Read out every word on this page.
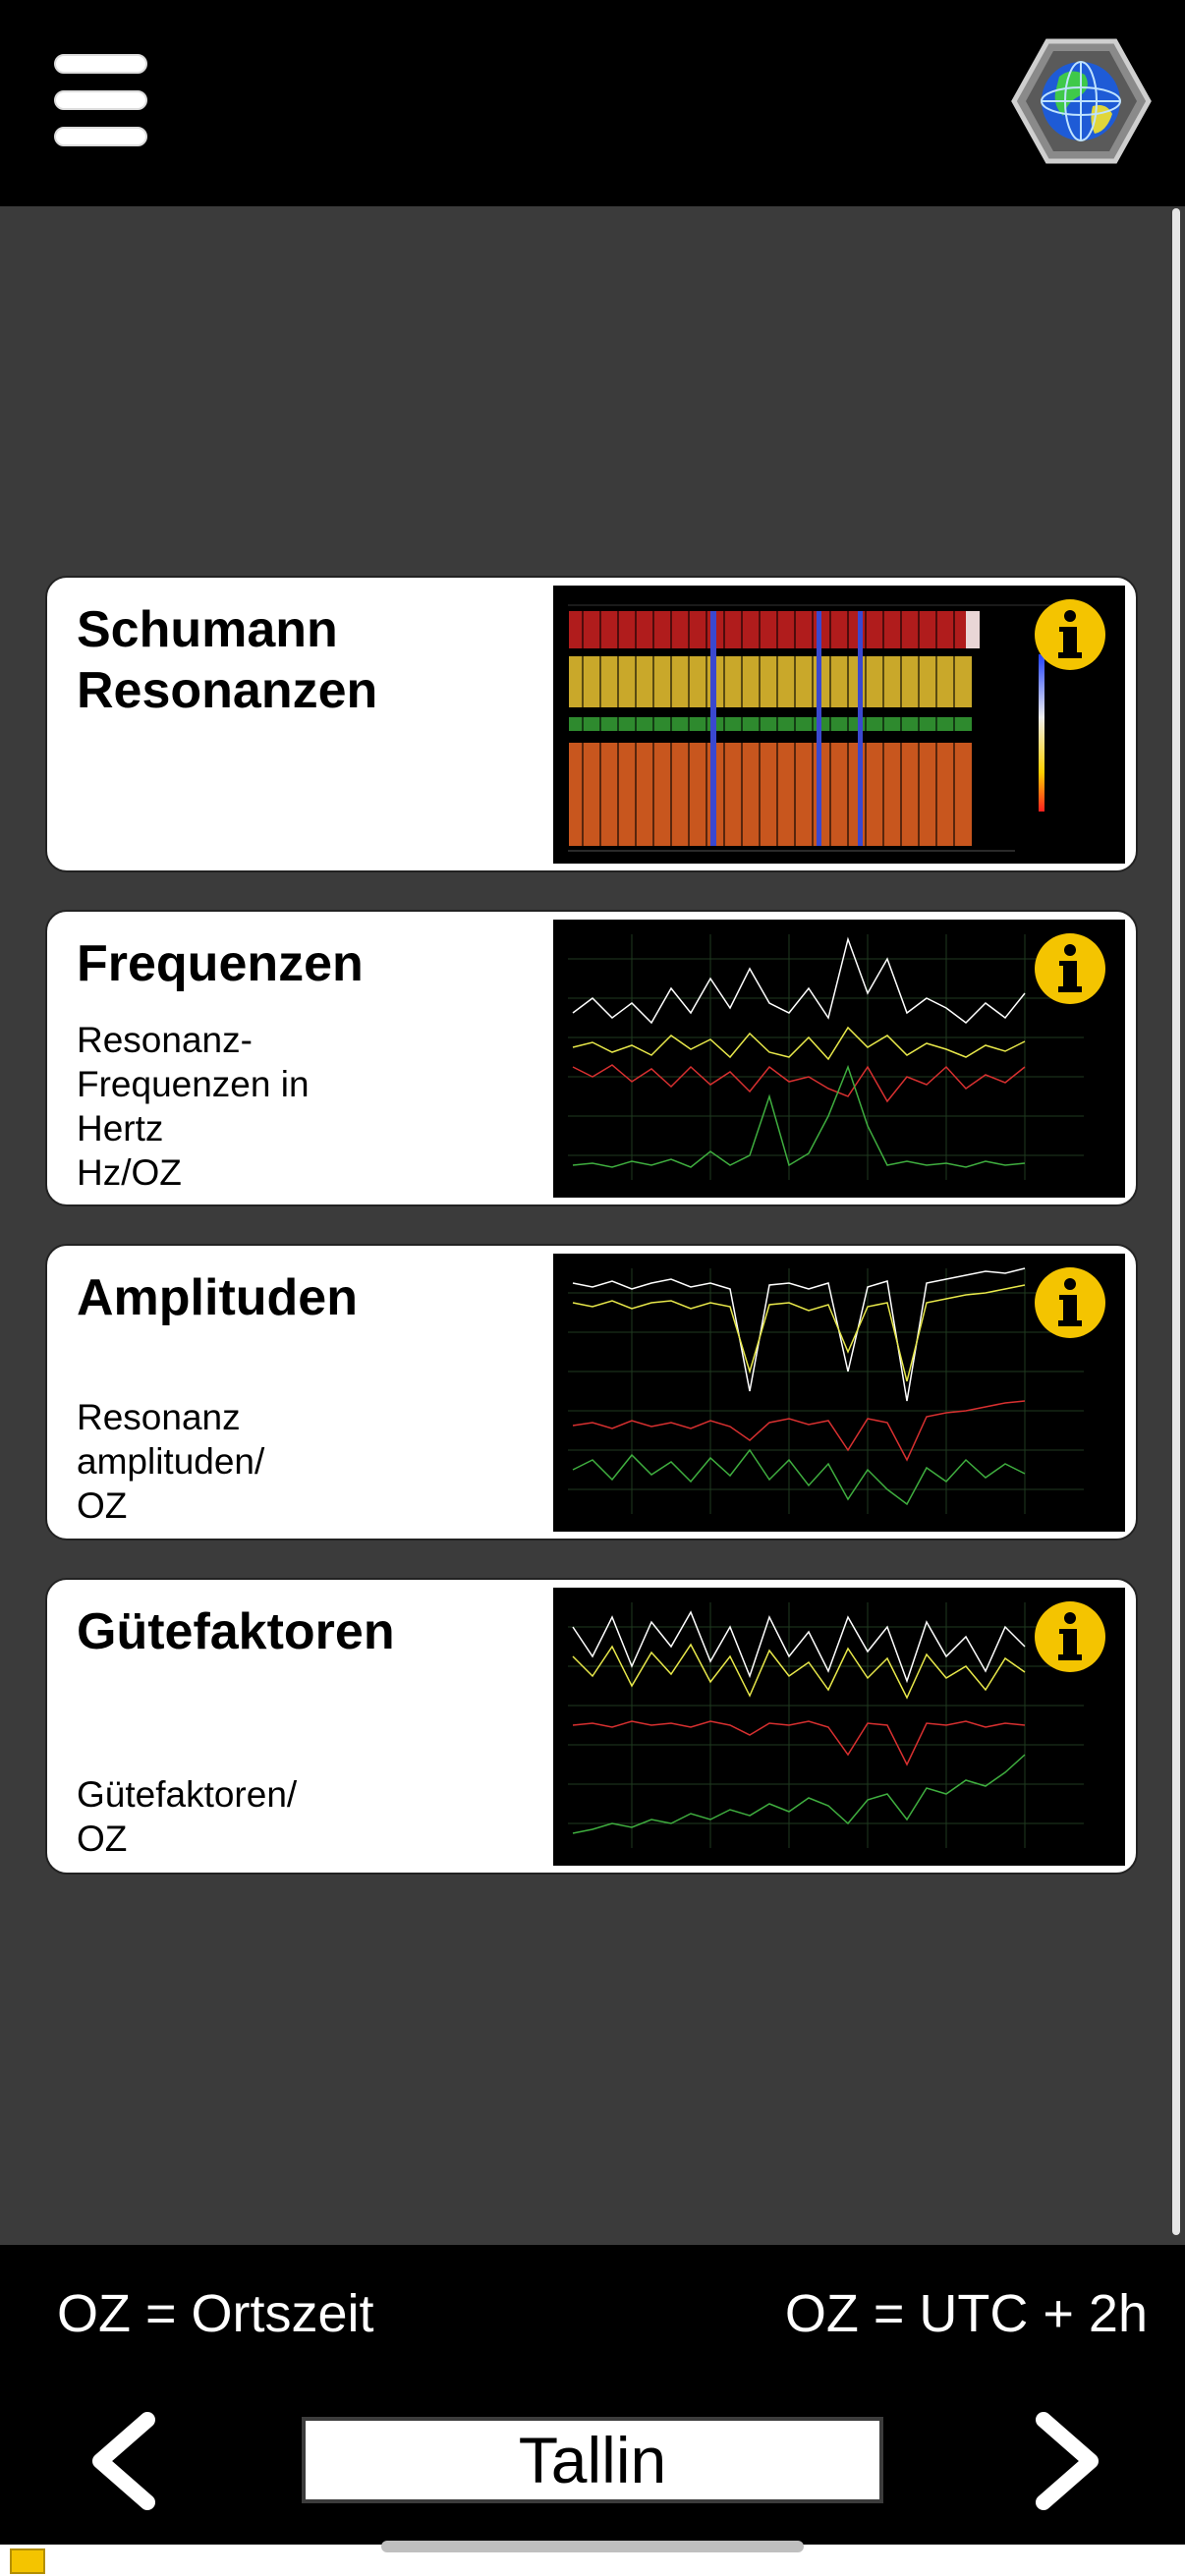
Schumann Resonanzen
Frequenzen
Resonanz-
Frequenzen in
Hertz
Hz/OZ
Amplituden
Resonanz
amplituden/
OZ
Gütefaktoren
Gütefaktoren/
OZ
OZ = Ortszeit	OZ = UTC + 2h
Tallin
